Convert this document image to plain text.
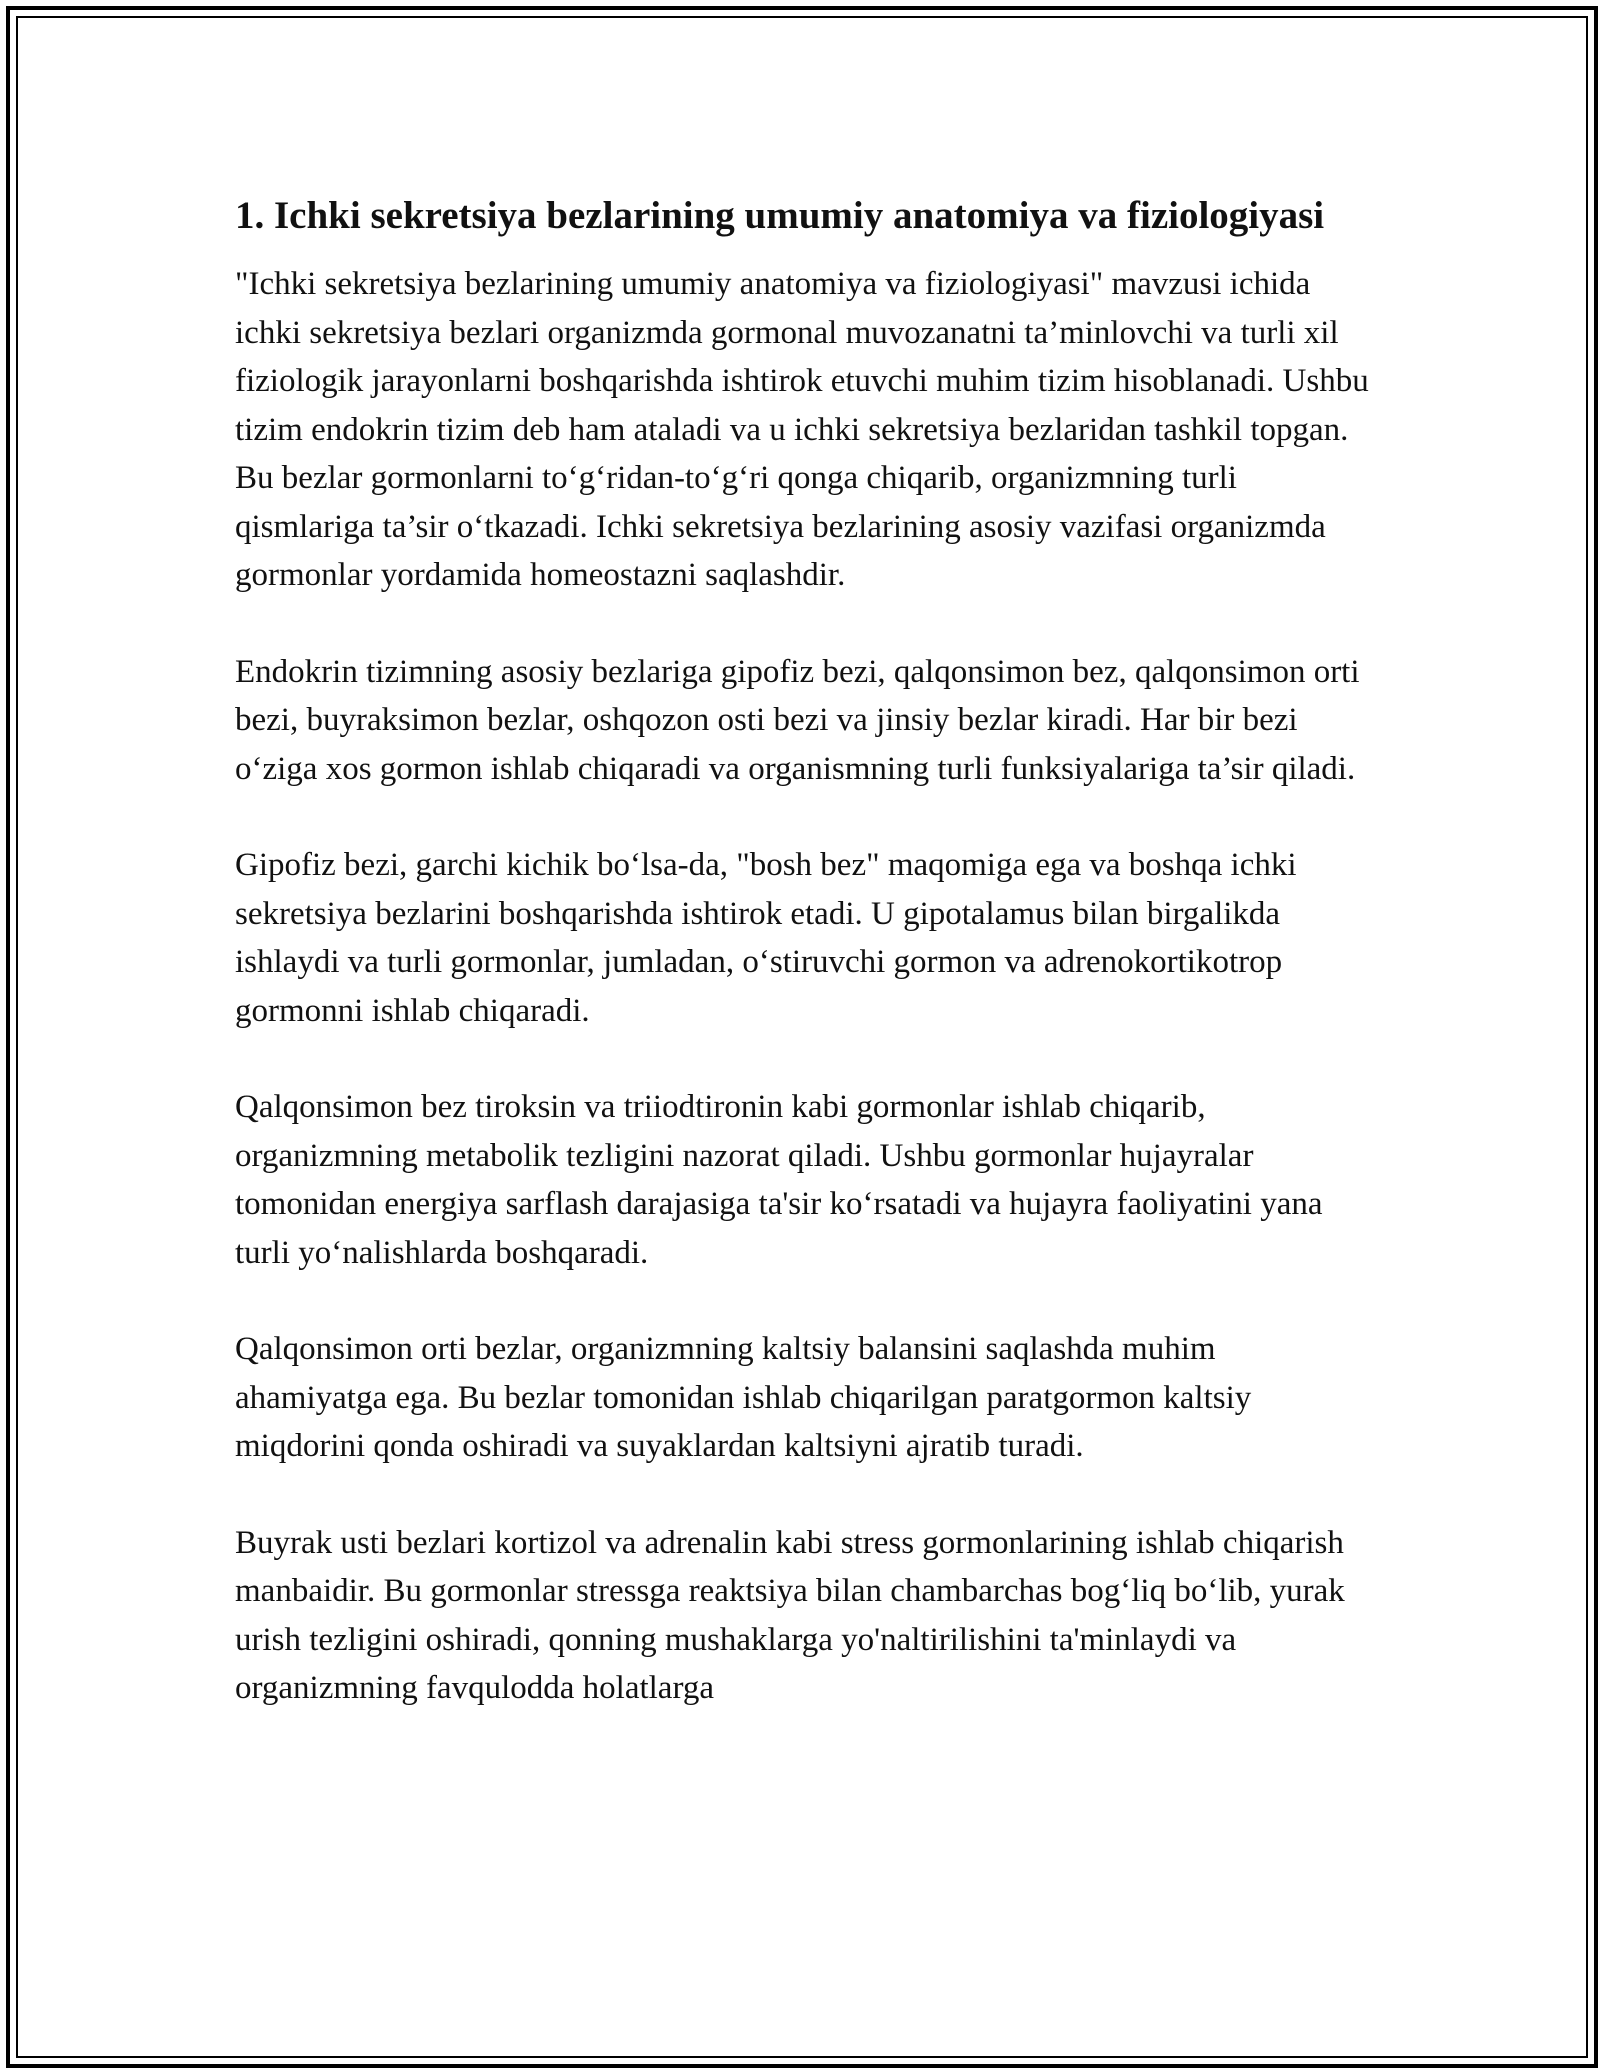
1. Ichki sekretsiya bezlarining umumiy anatomiya va fiziologiyasi

"Ichki sekretsiya bezlarining umumiy anatomiya va fiziologiyasi" mavzusi ichida ichki sekretsiya bezlari organizmda gormonal muvozanatni ta’minlovchi va turli xil fiziologik jarayonlarni boshqarishda ishtirok etuvchi muhim tizim hisoblanadi. Ushbu tizim endokrin tizim deb ham ataladi va u ichki sekretsiya bezlaridan tashkil topgan. Bu bezlar gormonlarni to‘g‘ridan-to‘g‘ri qonga chiqarib, organizmning turli qismlariga ta’sir o‘tkazadi. Ichki sekretsiya bezlarining asosiy vazifasi organizmda gormonlar yordamida homeostazni saqlashdir.

Endokrin tizimning asosiy bezlariga gipofiz bezi, qalqonsimon bez, qalqonsimon orti bezi, buyraksimon bezlar, oshqozon osti bezi va jinsiy bezlar kiradi. Har bir bezi o‘ziga xos gormon ishlab chiqaradi va organismning turli funksiyalariga ta’sir qiladi.

Gipofiz bezi, garchi kichik bo‘lsa-da, "bosh bez" maqomiga ega va boshqa ichki sekretsiya bezlarini boshqarishda ishtirok etadi. U gipotalamus bilan birgalikda ishlaydi va turli gormonlar, jumladan, o‘stiruvchi gormon va adrenokortikotrop gormonni ishlab chiqaradi.

Qalqonsimon bez tiroksin va triiodtironin kabi gormonlar ishlab chiqarib, organizmning metabolik tezligini nazorat qiladi. Ushbu gormonlar hujayralar tomonidan energiya sarflash darajasiga ta'sir ko‘rsatadi va hujayra faoliyatini yana turli yo‘nalishlarda boshqaradi.

Qalqonsimon orti bezlar, organizmning kaltsiy balansini saqlashda muhim ahamiyatga ega. Bu bezlar tomonidan ishlab chiqarilgan paratgormon kaltsiy miqdorini qonda oshiradi va suyaklardan kaltsiyni ajratib turadi.

Buyrak usti bezlari kortizol va adrenalin kabi stress gormonlarining ishlab chiqarish manbaidir. Bu gormonlar stressga reaktsiya bilan chambarchas bog‘liq bo‘lib, yurak urish tezligini oshiradi, qonning mushaklarga yo'naltirilishini ta'minlaydi va organizmning favqulodda holatlarga
